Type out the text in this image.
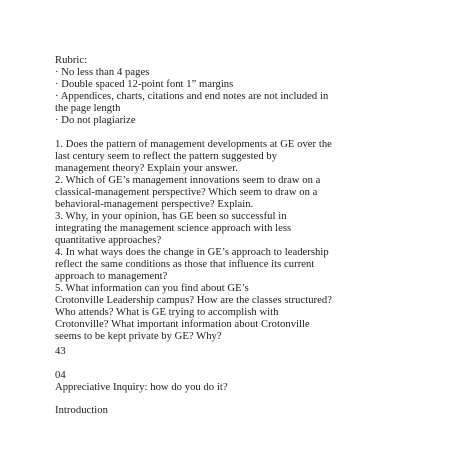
Rubric:
· No less than 4 pages
· Double spaced 12-point font 1” margins
· Appendices, charts, citations and end notes are not included in
the page length
· Do not plagiarize
1. Does the pattern of management developments at GE over the
last century seem to reflect the pattern suggested by
management theory? Explain your answer.
2. Which of GE’s management innovations seem to draw on a
classical-management perspective? Which seem to draw on a
behavioral-management perspective? Explain.
3. Why, in your opinion, has GE been so successful in
integrating the management science approach with less
quantitative approaches?
4. In what ways does the change in GE’s approach to leadership
reflect the same conditions as those that influence its current
approach to management?
5. What information can you find about GE’s
Crotonville Leadership campus? How are the classes structured?
Who attends? What is GE trying to accomplish with
Crotonville? What important information about Crotonville
seems to be kept private by GE? Why?
43
04
Appreciative Inquiry: how do you do it?
Introduction
